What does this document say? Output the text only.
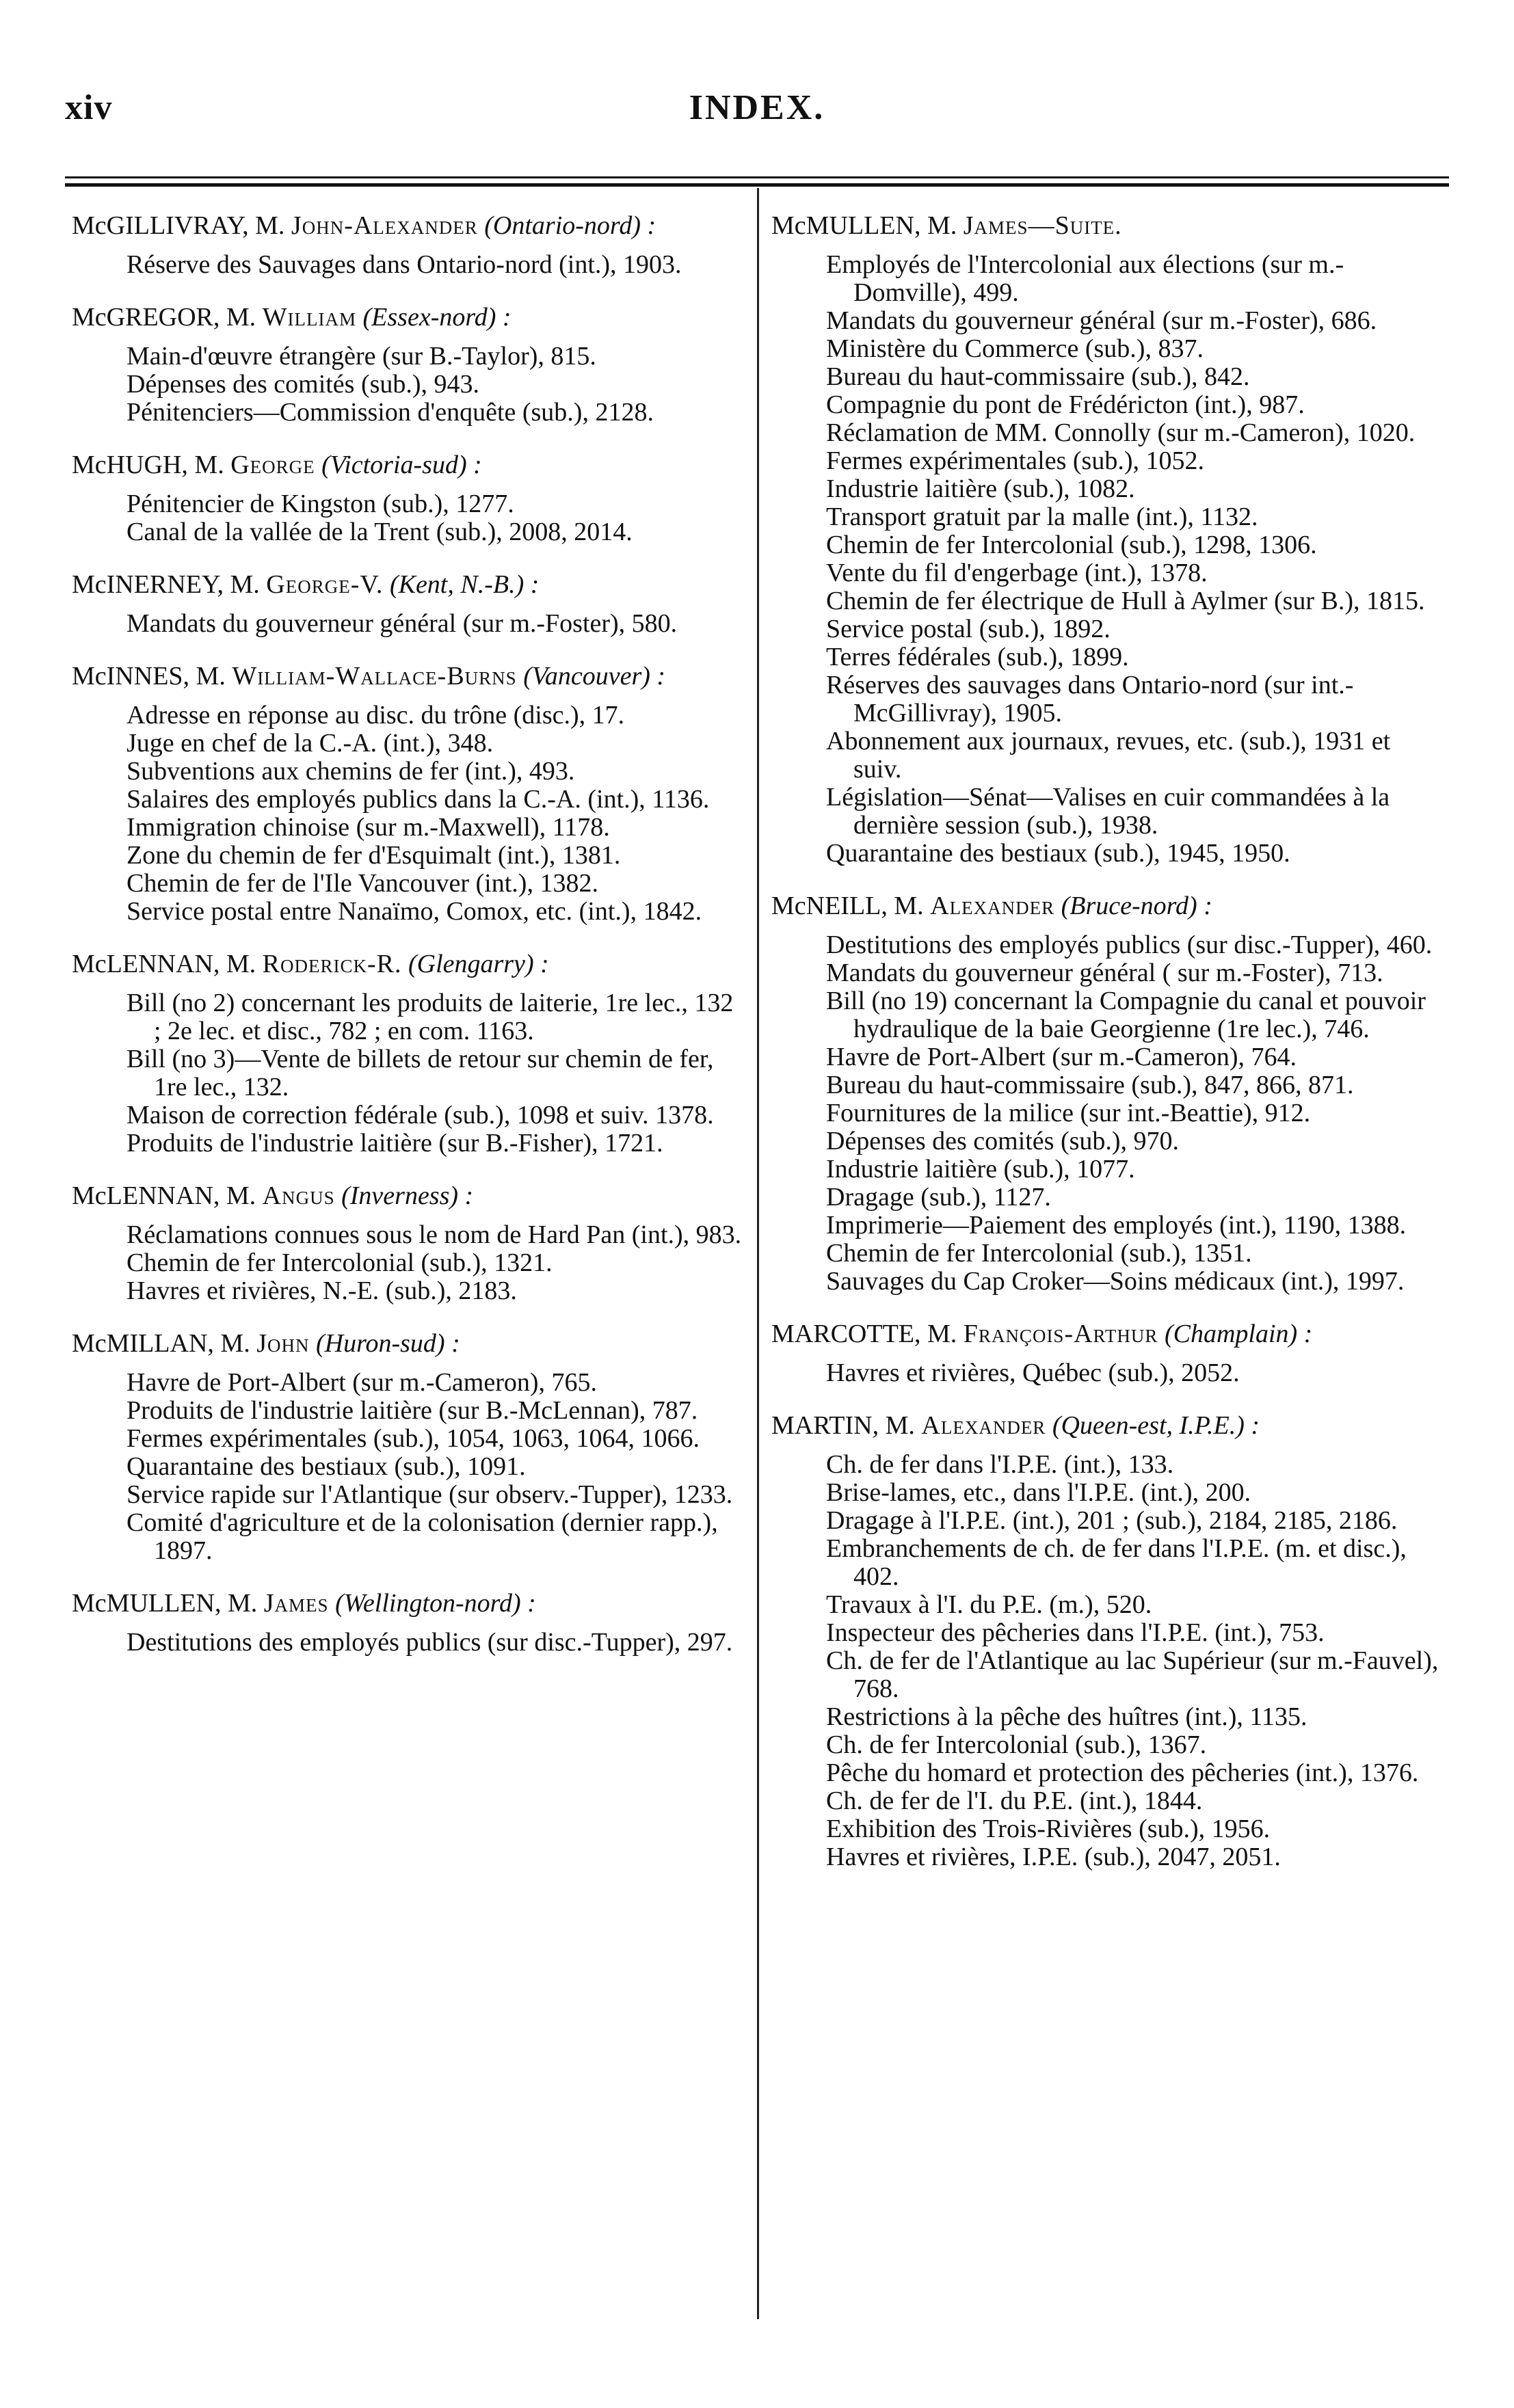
xiv	INDEX.
McGILLIVRAY, M. John-Alexander (Ontario-nord) :
Réserve des Sauvages dans Ontario-nord (int.), 1903.
McGREGOR, M. William (Essex-nord) :
Main-d'œuvre étrangère (sur B.-Taylor), 815.
Dépenses des comités (sub.), 943.
Pénitenciers—Commission d'enquête (sub.), 2128.
McHUGH, M. George (Victoria-sud) :
Pénitencier de Kingston (sub.), 1277.
Canal de la vallée de la Trent (sub.), 2008, 2014.
McINERNEY, M. George-V. (Kent, N.-B.) :
Mandats du gouverneur général (sur m.-Foster), 580.
McINNES, M. William-Wallace-Burns (Vancouver) :
Adresse en réponse au disc. du trône (disc.), 17.
Juge en chef de la C.-A. (int.), 348.
Subventions aux chemins de fer (int.), 493.
Salaires des employés publics dans la C.-A. (int.), 1136.
Immigration chinoise (sur m.-Maxwell), 1178.
Zone du chemin de fer d'Esquimalt (int.), 1381.
Chemin de fer de l'Ile Vancouver (int.), 1382.
Service postal entre Nanaïmo, Comox, etc. (int.), 1842.
McLENNAN, M. Roderick-R. (Glengarry) :
Bill (no 2) concernant les produits de laiterie, 1re lec., 132 ; 2e lec. et disc., 782 ; en com. 1163.
Bill (no 3)—Vente de billets de retour sur chemin de fer, 1re lec., 132.
Maison de correction fédérale (sub.), 1098 et suiv. 1378.
Produits de l'industrie laitière (sur B.-Fisher), 1721.
McLENNAN, M. Angus (Inverness) :
Réclamations connues sous le nom de Hard Pan (int.), 983.
Chemin de fer Intercolonial (sub.), 1321.
Havres et rivières, N.-E. (sub.), 2183.
McMILLAN, M. John (Huron-sud) :
Havre de Port-Albert (sur m.-Cameron), 765.
Produits de l'industrie laitière (sur B.-McLennan), 787.
Fermes expérimentales (sub.), 1054, 1063, 1064, 1066.
Quarantaine des bestiaux (sub.), 1091.
Service rapide sur l'Atlantique (sur observ.-Tupper), 1233.
Comité d'agriculture et de la colonisation (dernier rapp.), 1897.
McMULLEN, M. James (Wellington-nord) :
Destitutions des employés publics (sur disc.-Tupper), 297.
McMULLEN, M. James—Suite.
Employés de l'Intercolonial aux élections (sur m.-Domville), 499.
Mandats du gouverneur général (sur m.-Foster), 686.
Ministère du Commerce (sub.), 837.
Bureau du haut-commissaire (sub.), 842.
Compagnie du pont de Frédéricton (int.), 987.
Réclamation de MM. Connolly (sur m.-Cameron), 1020.
Fermes expérimentales (sub.), 1052.
Industrie laitière (sub.), 1082.
Transport gratuit par la malle (int.), 1132.
Chemin de fer Intercolonial (sub.), 1298, 1306.
Vente du fil d'engerbage (int.), 1378.
Chemin de fer électrique de Hull à Aylmer (sur B.), 1815.
Service postal (sub.), 1892.
Terres fédérales (sub.), 1899.
Réserves des sauvages dans Ontario-nord (sur int.-McGillivray), 1905.
Abonnement aux journaux, revues, etc. (sub.), 1931 et suiv.
Législation—Sénat—Valises en cuir commandées à la dernière session (sub.), 1938.
Quarantaine des bestiaux (sub.), 1945, 1950.
McNEILL, M. Alexander (Bruce-nord) :
Destitutions des employés publics (sur disc.-Tupper), 460.
Mandats du gouverneur général ( sur m.-Foster), 713.
Bill (no 19) concernant la Compagnie du canal et pouvoir hydraulique de la baie Georgienne (1re lec.), 746.
Havre de Port-Albert (sur m.-Cameron), 764.
Bureau du haut-commissaire (sub.), 847, 866, 871.
Fournitures de la milice (sur int.-Beattie), 912.
Dépenses des comités (sub.), 970.
Industrie laitière (sub.), 1077.
Dragage (sub.), 1127.
Imprimerie—Paiement des employés (int.), 1190, 1388.
Chemin de fer Intercolonial (sub.), 1351.
Sauvages du Cap Croker—Soins médicaux (int.), 1997.
MARCOTTE, M. François-Arthur (Champlain) :
Havres et rivières, Québec (sub.), 2052.
MARTIN, M. Alexander (Queen-est, I.P.E.) :
Ch. de fer dans l'I.P.E. (int.), 133.
Brise-lames, etc., dans l'I.P.E. (int.), 200.
Dragage à l'I.P.E. (int.), 201 ; (sub.), 2184, 2185, 2186.
Embranchements de ch. de fer dans l'I.P.E. (m. et disc.), 402.
Travaux à l'I. du P.E. (m.), 520.
Inspecteur des pêcheries dans l'I.P.E. (int.), 753.
Ch. de fer de l'Atlantique au lac Supérieur (sur m.-Fauvel), 768.
Restrictions à la pêche des huîtres (int.), 1135.
Ch. de fer Intercolonial (sub.), 1367.
Pêche du homard et protection des pêcheries (int.), 1376.
Ch. de fer de l'I. du P.E. (int.), 1844.
Exhibition des Trois-Rivières (sub.), 1956.
Havres et rivières, I.P.E. (sub.), 2047, 2051.
